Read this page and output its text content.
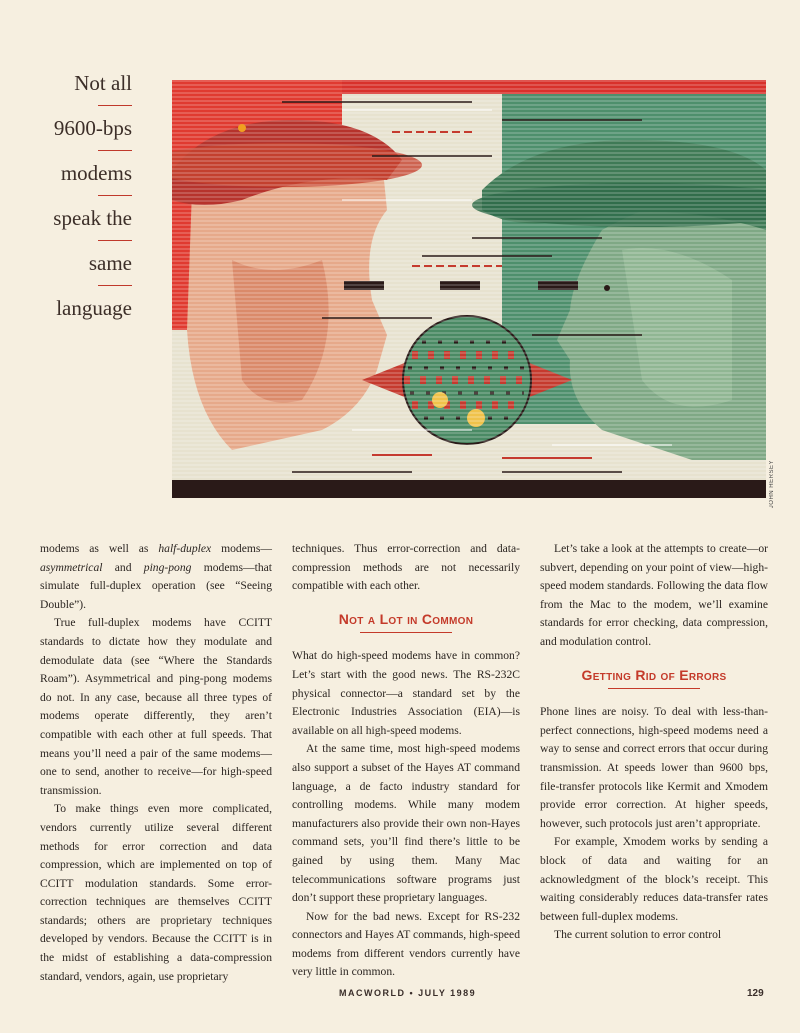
Not all
9600-bps
modems
speak the
same
language
JOHN HERSEY

modems as well as half-duplex modems—asymmetrical and ping-pong modems—that simulate full-duplex operation (see “Seeing Double”).

True full-duplex modems have CCITT standards to dictate how they modulate and demodulate data (see “Where the Standards Roam”). Asymmetrical and ping-pong modems do not. In any case, because all three types of modems operate differently, they aren’t compatible with each other at full speeds. That means you’ll need a pair of the same modems—one to send, another to receive—for high-speed transmission.

To make things even more complicated, vendors currently utilize several different methods for error correction and data compression, which are implemented on top of CCITT modulation standards. Some error-correction techniques are themselves CCITT standards; others are proprietary techniques developed by vendors. Because the CCITT is in the midst of establishing a data-compression standard, vendors, again, use proprietary

techniques. Thus error-correction and data-compression methods are not necessarily compatible with each other.

Not a Lot in Common

What do high-speed modems have in common? Let’s start with the good news. The RS-232C physical connector—a standard set by the Electronic Industries Association (EIA)—is available on all high-speed modems.

At the same time, most high-speed modems also support a subset of the Hayes AT command language, a de facto industry standard for controlling modems. While many modem manufacturers also provide their own non-Hayes command sets, you’ll find there’s little to be gained by using them. Many Mac telecommunications software programs just don’t support these proprietary languages.

Now for the bad news. Except for RS-232 connectors and Hayes AT commands, high-speed modems from different vendors currently have very little in common.

Let’s take a look at the attempts to create—or subvert, depending on your point of view—high-speed modem standards. Following the data flow from the Mac to the modem, we’ll examine standards for error checking, data compression, and modulation control.

Getting Rid of Errors

Phone lines are noisy. To deal with less-than-perfect connections, high-speed modems need a way to sense and correct errors that occur during transmission. At speeds lower than 9600 bps, file-transfer protocols like Kermit and Xmodem provide error correction. At higher speeds, however, such protocols just aren’t appropriate.

For example, Xmodem works by sending a block of data and waiting for an acknowledgment of the block’s receipt. This waiting considerably reduces data-transfer rates between full-duplex modems.

The current solution to error control

MACWORLD • JULY 1989	129
